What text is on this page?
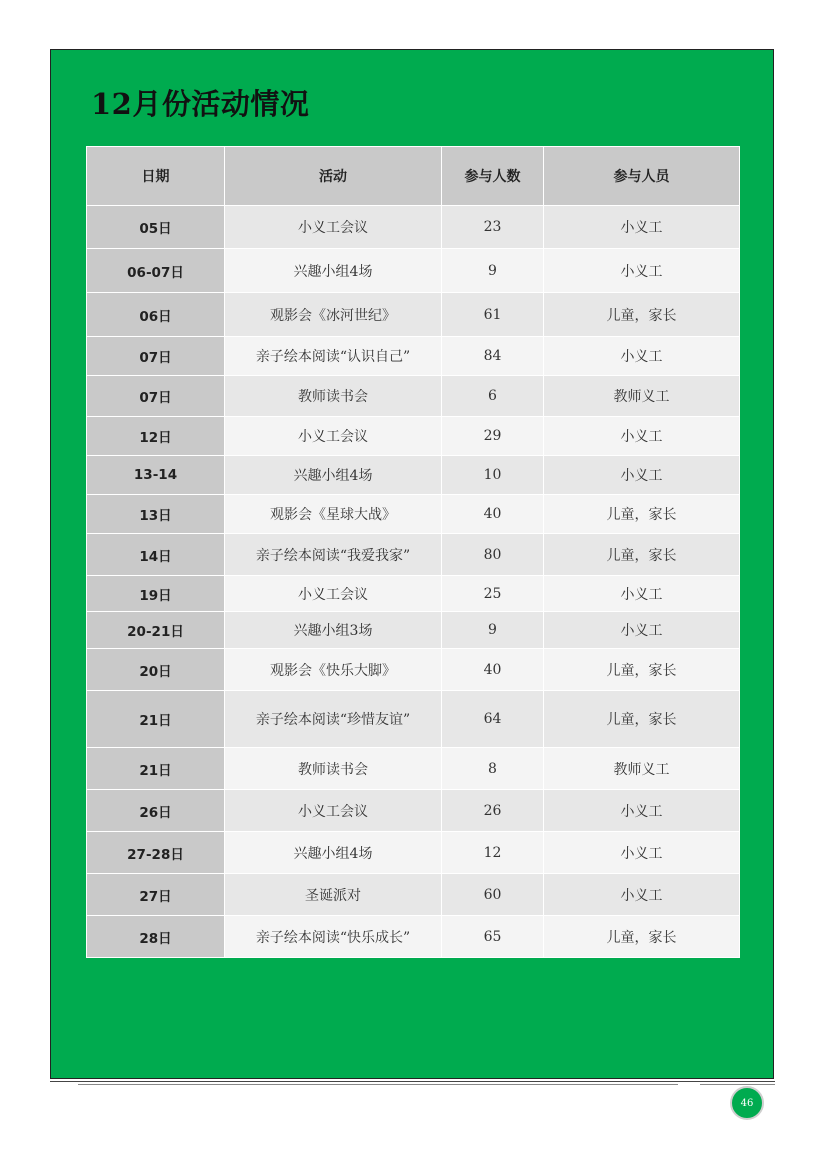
12月份活动情况
日期	活动	参与人数	参与人员
05日	小义工会议	23	小义工
06-07日	兴趣小组4场	9	小义工
06日	观影会《冰河世纪》	61	儿童，家长
07日	亲子绘本阅读“认识自己”	84	小义工
07日	教师读书会	6	教师义工
12日	小义工会议	29	小义工
13-14	兴趣小组4场	10	小义工
13日	观影会《星球大战》	40	儿童，家长
14日	亲子绘本阅读“我爱我家”	80	儿童，家长
19日	小义工会议	25	小义工
20-21日	兴趣小组3场	9	小义工
20日	观影会《快乐大脚》	40	儿童，家长
21日	亲子绘本阅读“珍惜友谊”	64	儿童，家长
21日	教师读书会	8	教师义工
26日	小义工会议	26	小义工
27-28日	兴趣小组4场	12	小义工
27日	圣诞派对	60	小义工
28日	亲子绘本阅读“快乐成长”	65	儿童，家长
46
